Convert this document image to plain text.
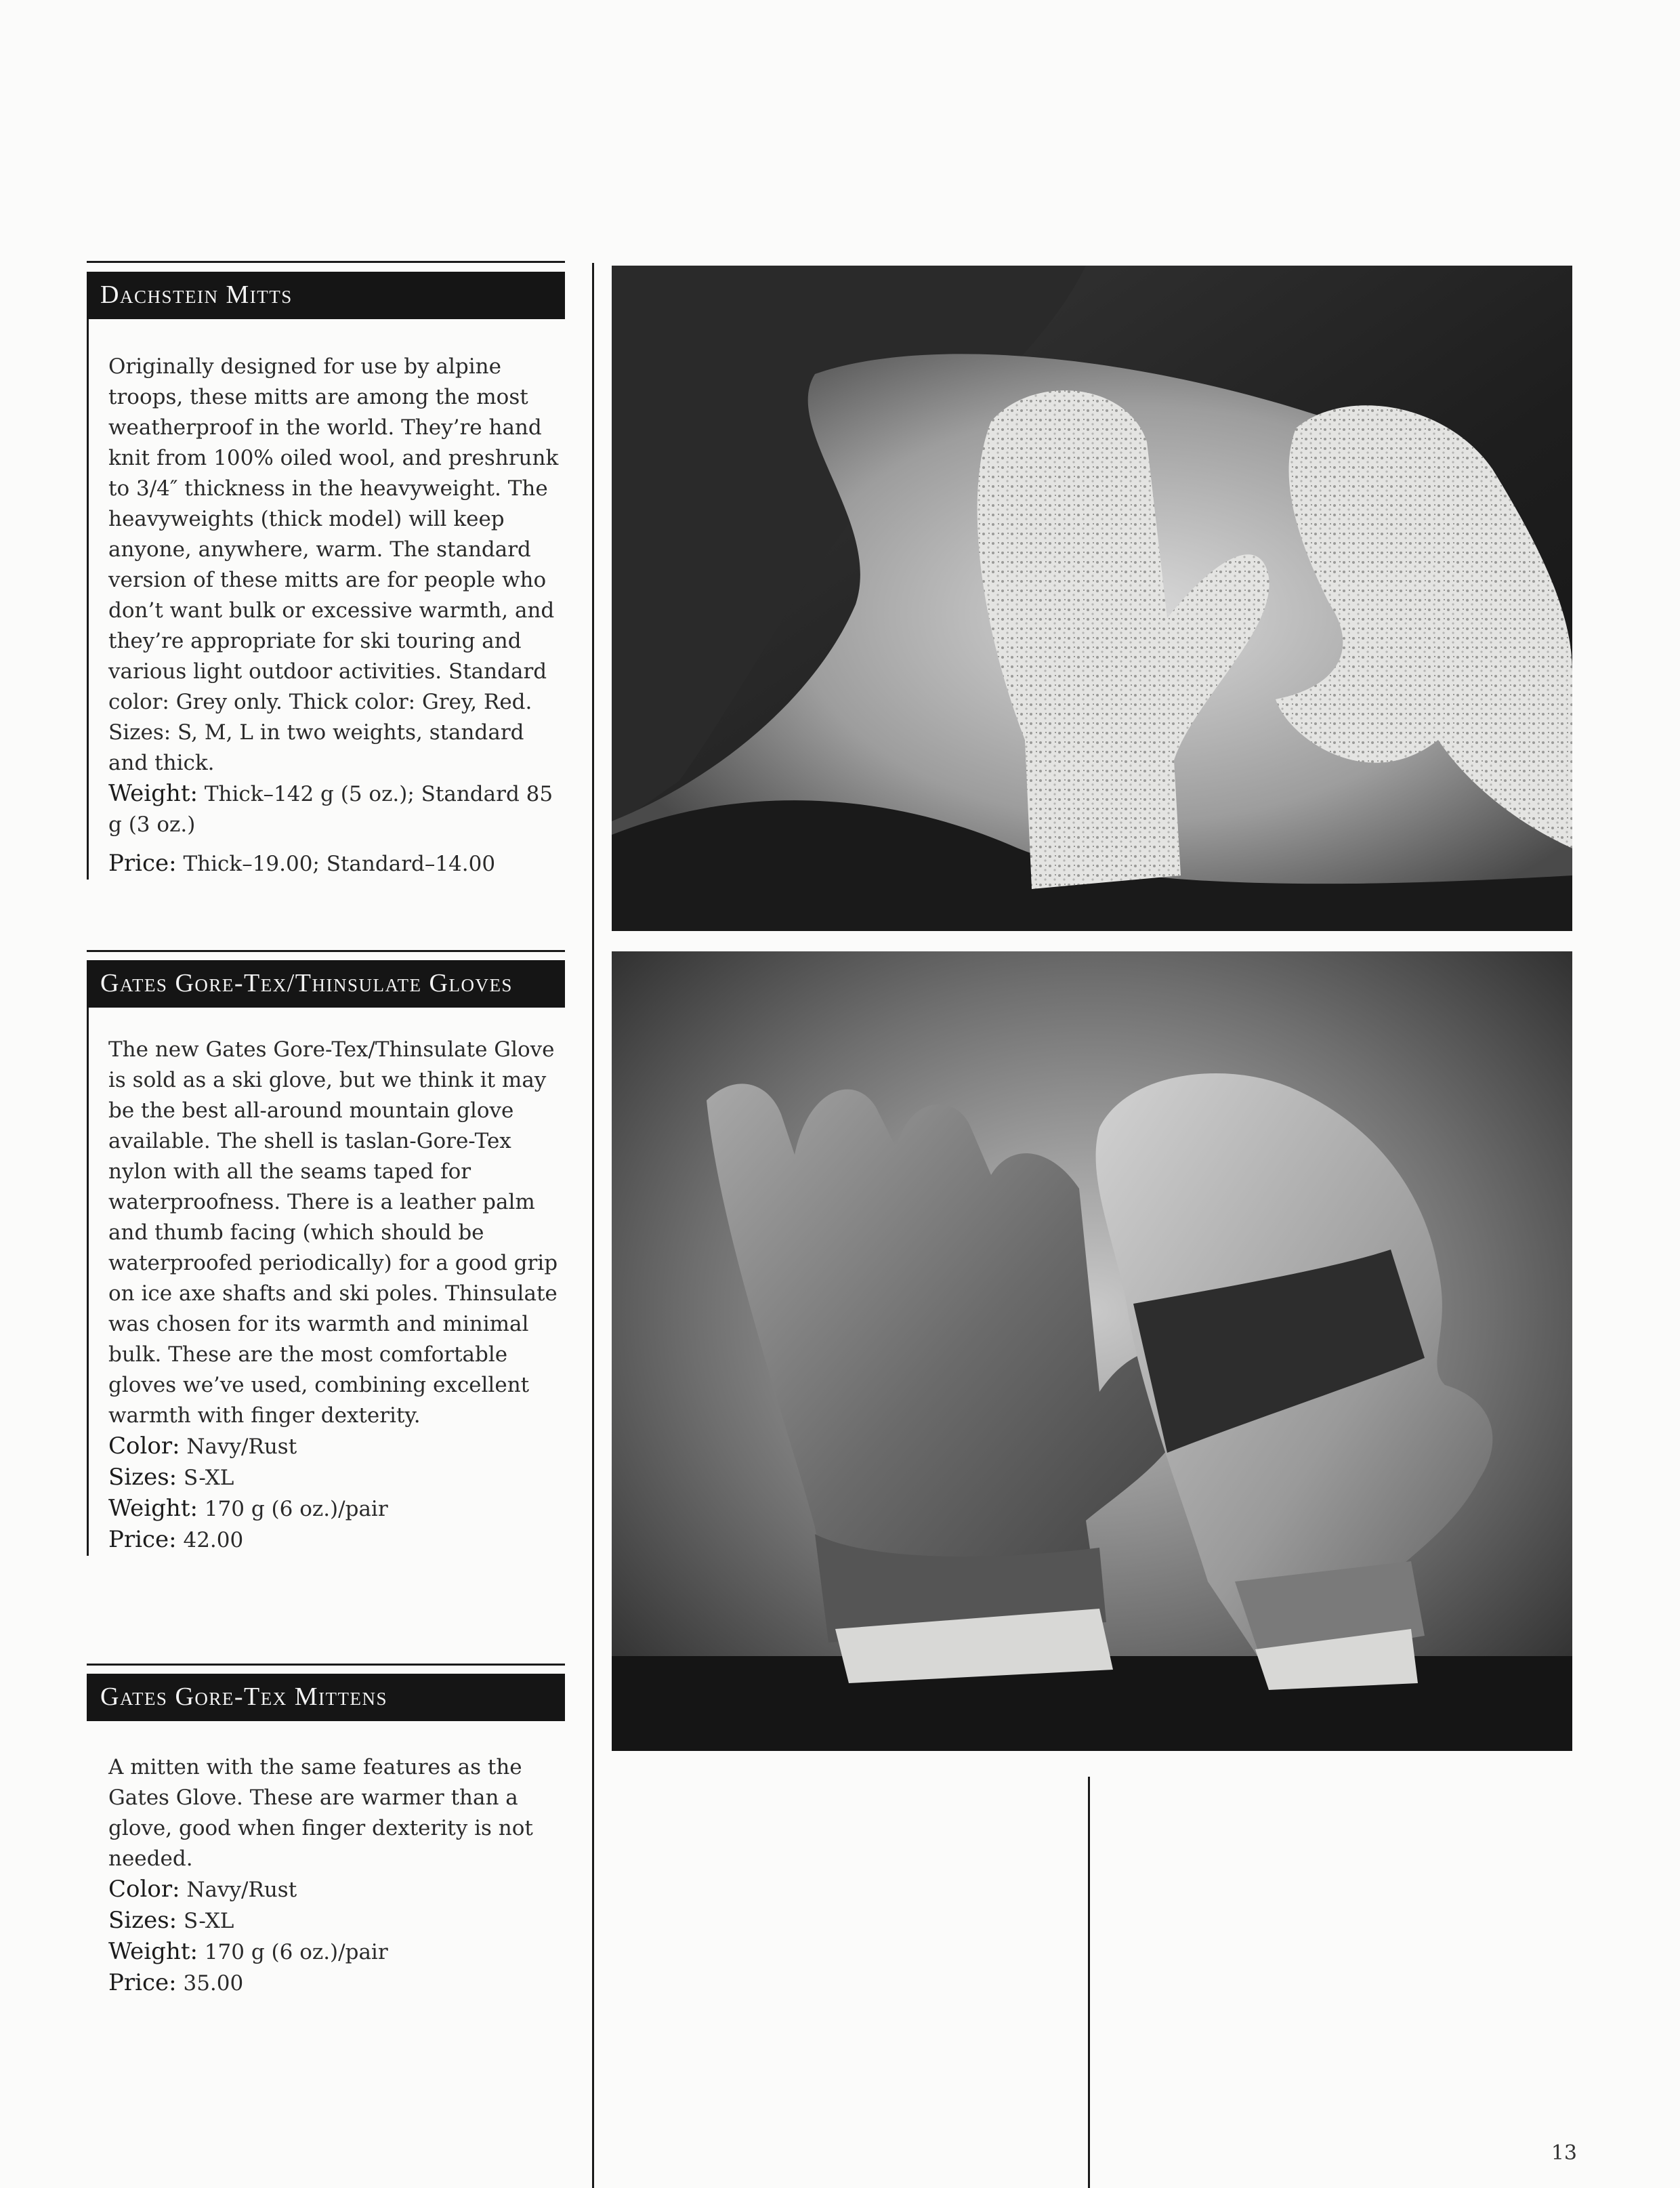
Dachstein Mitts

Originally designed for use by alpine troops, these mitts are among the most weatherproof in the world. They’re hand knit from 100% oiled wool, and preshrunk to 3/4″ thickness in the heavyweight. The heavyweights (thick model) will keep anyone, anywhere, warm. The standard version of these mitts are for people who don’t want bulk or excessive warmth, and they’re appropriate for ski touring and various light outdoor activities. Standard color: Grey only. Thick color: Grey, Red. Sizes: S, M, L in two weights, standard and thick.

Weight: Thick–142 g (5 oz.); Standard 85 g (3 oz.)

Price: Thick–19.00; Standard–14.00

Gates Gore-Tex/Thinsulate Gloves

The new Gates Gore-Tex/Thinsulate Glove is sold as a ski glove, but we think it may be the best all-around mountain glove available. The shell is taslan-Gore-Tex nylon with all the seams taped for waterproofness. There is a leather palm and thumb facing (which should be waterproofed periodically) for a good grip on ice axe shafts and ski poles. Thinsulate was chosen for its warmth and minimal bulk. These are the most comfortable gloves we’ve used, combining excellent warmth with finger dexterity.

Color: Navy/Rust

Sizes: S-XL

Weight: 170 g (6 oz.)/pair

Price: 42.00

Gates Gore-Tex Mittens

A mitten with the same features as the Gates Glove. These are warmer than a glove, good when finger dexterity is not needed.

Color: Navy/Rust

Sizes: S-XL

Weight: 170 g (6 oz.)/pair

Price: 35.00

13
